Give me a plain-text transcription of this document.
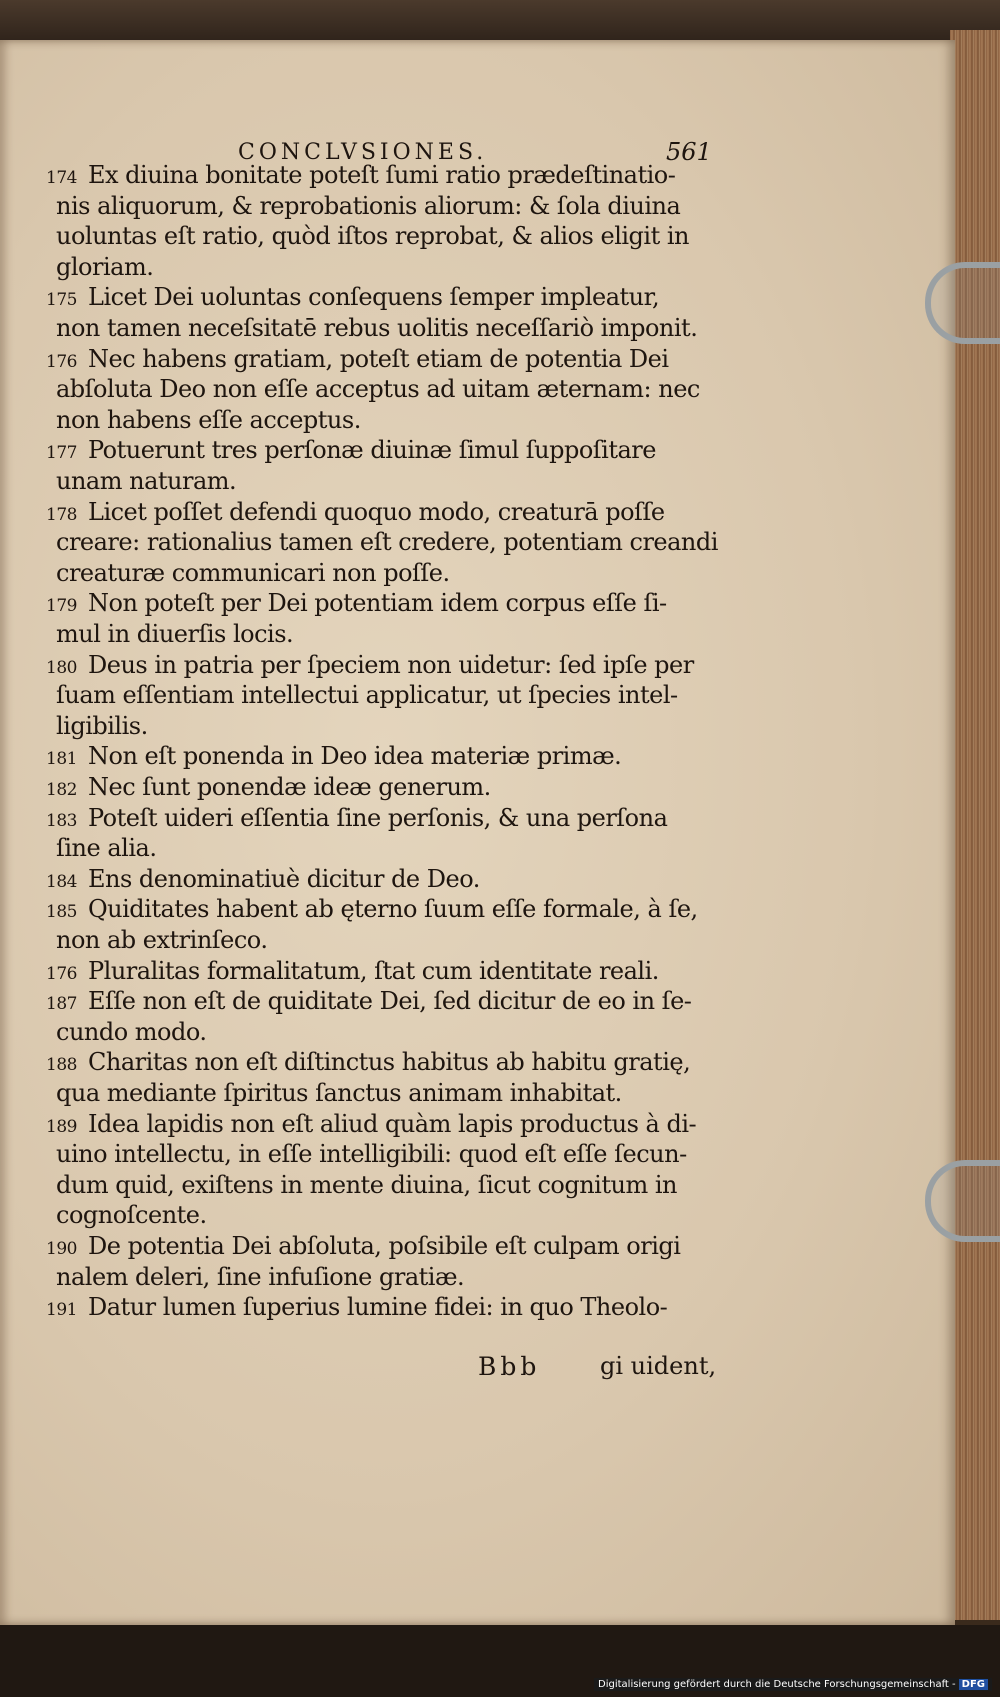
CONCLVSIONES.	561
174 Ex diuina bonitate poteſt ſumi ratio prædeſtinatio-
nis aliquorum, & reprobationis aliorum: & ſola diuina
uoluntas eſt ratio, quòd iſtos reprobat, & alios eligit in
gloriam.
175 Licet Dei uoluntas conſequens ſemper impleatur,
non tamen neceſsitatē rebus uolitis neceſſariò imponit.
176 Nec habens gratiam, poteſt etiam de potentia Dei
abſoluta Deo non eſſe acceptus ad uitam æternam: nec
non habens eſſe acceptus.
177 Potuerunt tres perſonæ diuinæ ſimul ſuppoſitare
unam naturam.
178 Licet poſſet defendi quoquo modo, creaturā poſſe
creare: rationalius tamen eſt credere, potentiam creandi
creaturæ communicari non poſſe.
179 Non poteſt per Dei potentiam idem corpus eſſe ſi-
mul in diuerſis locis.
180 Deus in patria per ſpeciem non uidetur: ſed ipſe per
ſuam eſſentiam intellectui applicatur, ut ſpecies intel-
ligibilis.
181 Non eſt ponenda in Deo idea materiæ primæ.
182 Nec ſunt ponendæ ideæ generum.
183 Poteſt uideri eſſentia ſine perſonis, & una perſona
ſine alia.
184 Ens denominatiuè dicitur de Deo.
185 Quiditates habent ab ęterno ſuum eſſe formale, à ſe,
non ab extrinſeco.
176 Pluralitas formalitatum, ſtat cum identitate reali.
187 Eſſe non eſt de quiditate Dei, ſed dicitur de eo in ſe-
cundo modo.
188 Charitas non eſt diſtinctus habitus ab habitu gratię,
qua mediante ſpiritus ſanctus animam inhabitat.
189 Idea lapidis non eſt aliud quàm lapis productus à di-
uino intellectu, in eſſe intelligibili: quod eſt eſſe ſecun-
dum quid, exiſtens in mente diuina, ſicut cognitum in
cognoſcente.
190 De potentia Dei abſoluta, poſsibile eſt culpam origi
nalem deleri, ſine infuſione gratiæ.
191 Datur lumen ſuperius lumine fidei: in quo Theolo-
Bbb gi uident,
Digitalisierung gefördert durch die Deutsche Forschungsgemeinschaft - DFG
